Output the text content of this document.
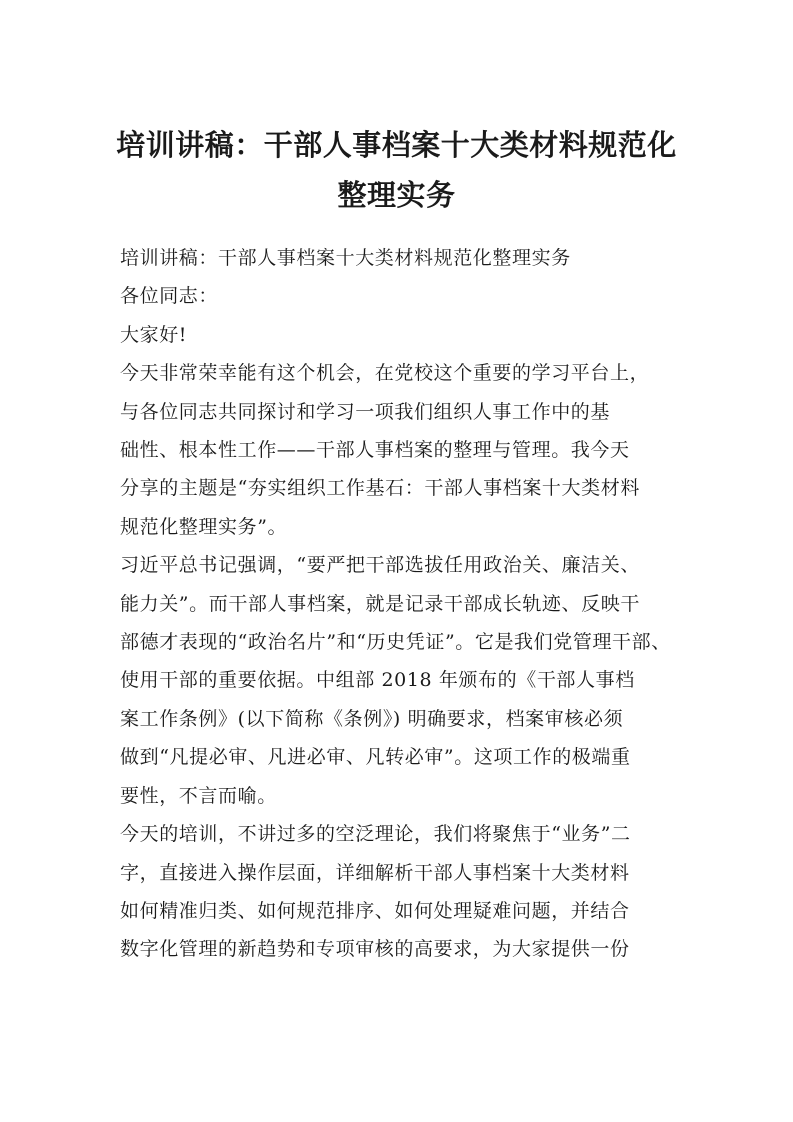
培训讲稿：干部人事档案十大类材料规范化
整理实务

培训讲稿：干部人事档案十大类材料规范化整理实务

各位同志：

大家好!

今天非常荣幸能有这个机会，在党校这个重要的学习平台上，
与各位同志共同探讨和学习一项我们组织人事工作中的基
础性、根本性工作——干部人事档案的整理与管理。我今天
分享的主题是“夯实组织工作基石：干部人事档案十大类材料
规范化整理实务”。

习近平总书记强调，“要严把干部选拔任用政治关、廉洁关、
能力关”。而干部人事档案，就是记录干部成长轨迹、反映干
部德才表现的“政治名片”和“历史凭证”。它是我们党管理干部、
使用干部的重要依据。中组部 2018 年颁布的《干部人事档
案工作条例》(以下简称《条例》) 明确要求，档案审核必须
做到“凡提必审、凡进必审、凡转必审”。这项工作的极端重
要性，不言而喻。

今天的培训，不讲过多的空泛理论，我们将聚焦于“业务”二
字，直接进入操作层面，详细解析干部人事档案十大类材料
如何精准归类、如何规范排序、如何处理疑难问题，并结合
数字化管理的新趋势和专项审核的高要求，为大家提供一份
